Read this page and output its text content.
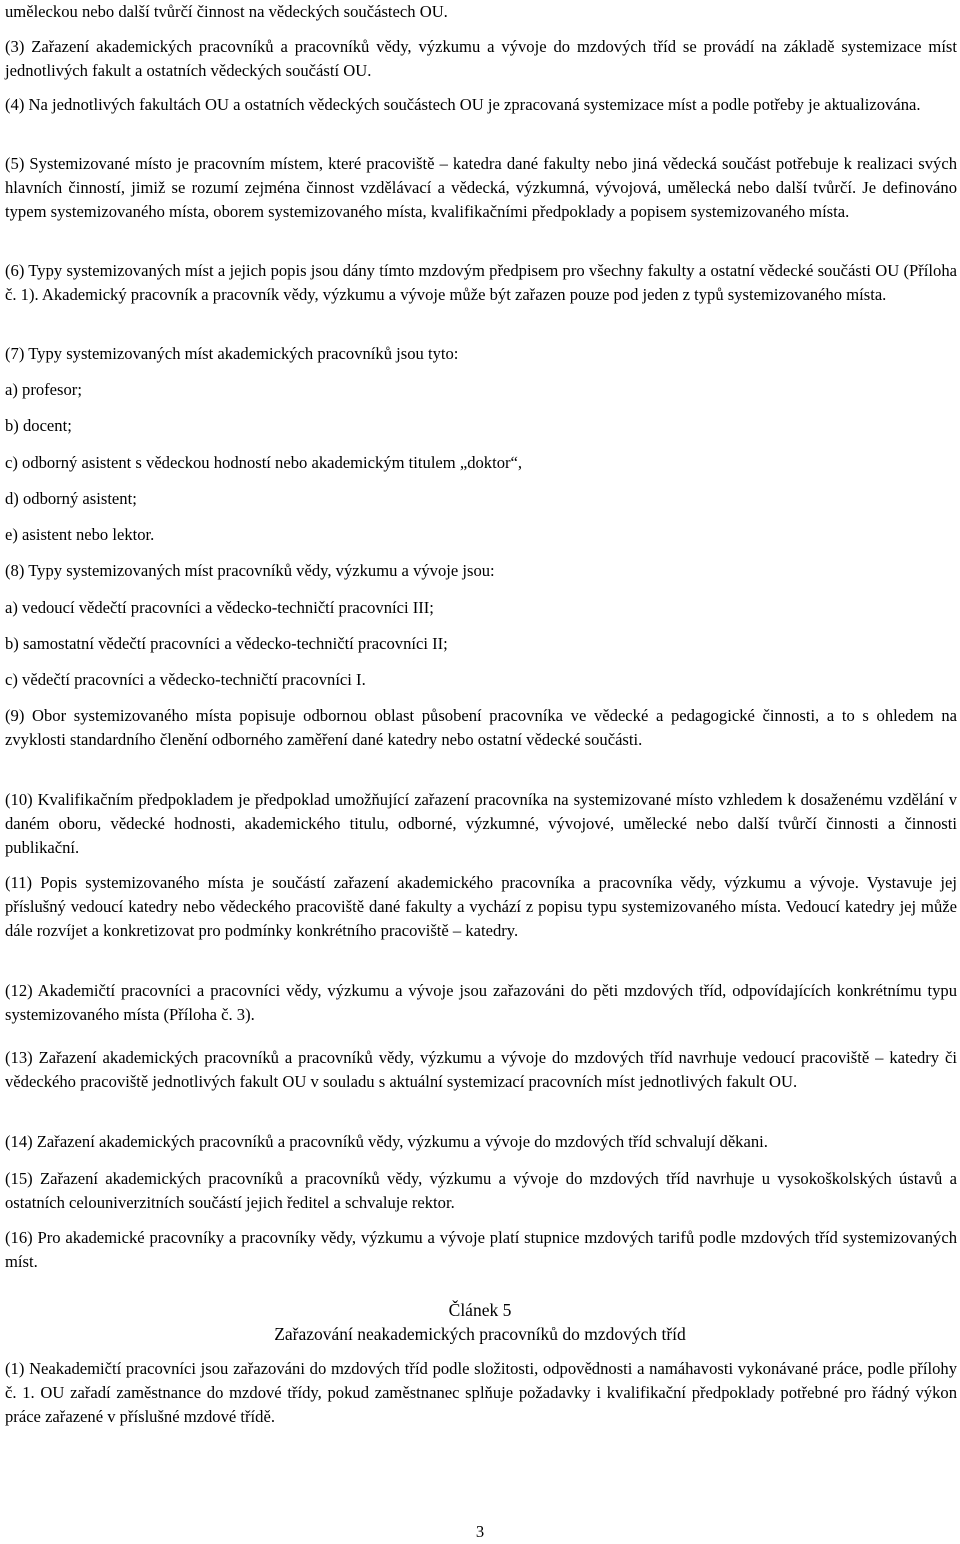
uměleckou nebo další tvůrčí činnost na vědeckých součástech OU.

(3) Zařazení akademických pracovníků a pracovníků vědy, výzkumu a vývoje do mzdových tříd se provádí na základě systemizace míst jednotlivých fakult a ostatních vědeckých součástí OU.

(4) Na jednotlivých fakultách OU a ostatních vědeckých součástech OU je zpracovaná systemizace míst a podle potřeby je aktualizována.

(5) Systemizované místo je pracovním místem, které pracoviště – katedra dané fakulty nebo jiná vědecká součást potřebuje k realizaci svých hlavních činností, jimiž se rozumí zejména činnost vzdělávací a vědecká, výzkumná, vývojová, umělecká nebo další tvůrčí. Je definováno typem systemizovaného místa, oborem systemizovaného místa, kvalifikačními předpoklady a popisem systemizovaného místa.

(6) Typy systemizovaných míst a jejich popis jsou dány tímto mzdovým předpisem pro všechny fakulty a ostatní vědecké součásti OU (Příloha č. 1). Akademický pracovník a pracovník vědy, výzkumu a vývoje může být zařazen pouze pod jeden z typů systemizovaného místa.

(7) Typy systemizovaných míst akademických pracovníků jsou tyto:

a) profesor;

b) docent;

c) odborný asistent s vědeckou hodností nebo akademickým titulem „doktor“,

d) odborný asistent;

e) asistent nebo lektor.

(8) Typy systemizovaných míst pracovníků vědy, výzkumu a vývoje jsou:

a) vedoucí vědečtí pracovníci a vědecko-techničtí pracovníci III;

b) samostatní vědečtí pracovníci a vědecko-techničtí pracovníci II;

c) vědečtí pracovníci a vědecko-techničtí pracovníci I.

(9) Obor systemizovaného místa popisuje odbornou oblast působení pracovníka ve vědecké a pedagogické činnosti, a to s ohledem na zvyklosti standardního členění odborného zaměření dané katedry nebo ostatní vědecké součásti.

(10) Kvalifikačním předpokladem je předpoklad umožňující zařazení pracovníka na systemizované místo vzhledem k dosaženému vzdělání v daném oboru, vědecké hodnosti, akademického titulu, odborné, výzkumné, vývojové, umělecké nebo další tvůrčí činnosti a činnosti publikační.

(11) Popis systemizovaného místa je součástí zařazení akademického pracovníka a pracovníka vědy, výzkumu a vývoje. Vystavuje jej příslušný vedoucí katedry nebo vědeckého pracoviště dané fakulty a vychází z popisu typu systemizovaného místa. Vedoucí katedry jej může dále rozvíjet a konkretizovat pro podmínky konkrétního pracoviště – katedry.

(12) Akademičtí pracovníci a pracovníci vědy, výzkumu a vývoje jsou zařazováni do pěti mzdových tříd, odpovídajících konkrétnímu typu systemizovaného místa (Příloha č. 3).

(13) Zařazení akademických pracovníků a pracovníků vědy, výzkumu a vývoje do mzdových tříd navrhuje vedoucí pracoviště – katedry či vědeckého pracoviště jednotlivých fakult OU v souladu s aktuální systemizací pracovních míst jednotlivých fakult OU.

(14) Zařazení akademických pracovníků a pracovníků vědy, výzkumu a vývoje do mzdových tříd schvalují děkani.

(15) Zařazení akademických pracovníků a pracovníků vědy, výzkumu a vývoje do mzdových tříd navrhuje u vysokoškolských ústavů a ostatních celouniverzitních součástí jejich ředitel a schvaluje rektor.

(16) Pro akademické pracovníky a pracovníky vědy, výzkumu a vývoje platí stupnice mzdových tarifů podle mzdových tříd systemizovaných míst.

Článek 5

Zařazování neakademických pracovníků do mzdových tříd

(1) Neakademičtí pracovníci jsou zařazováni do mzdových tříd podle složitosti, odpovědnosti a namáhavosti vykonávané práce, podle přílohy č. 1. OU zařadí zaměstnance do mzdové třídy, pokud zaměstnanec splňuje požadavky i kvalifikační předpoklady potřebné pro řádný výkon práce zařazené v příslušné mzdové třídě.

3
